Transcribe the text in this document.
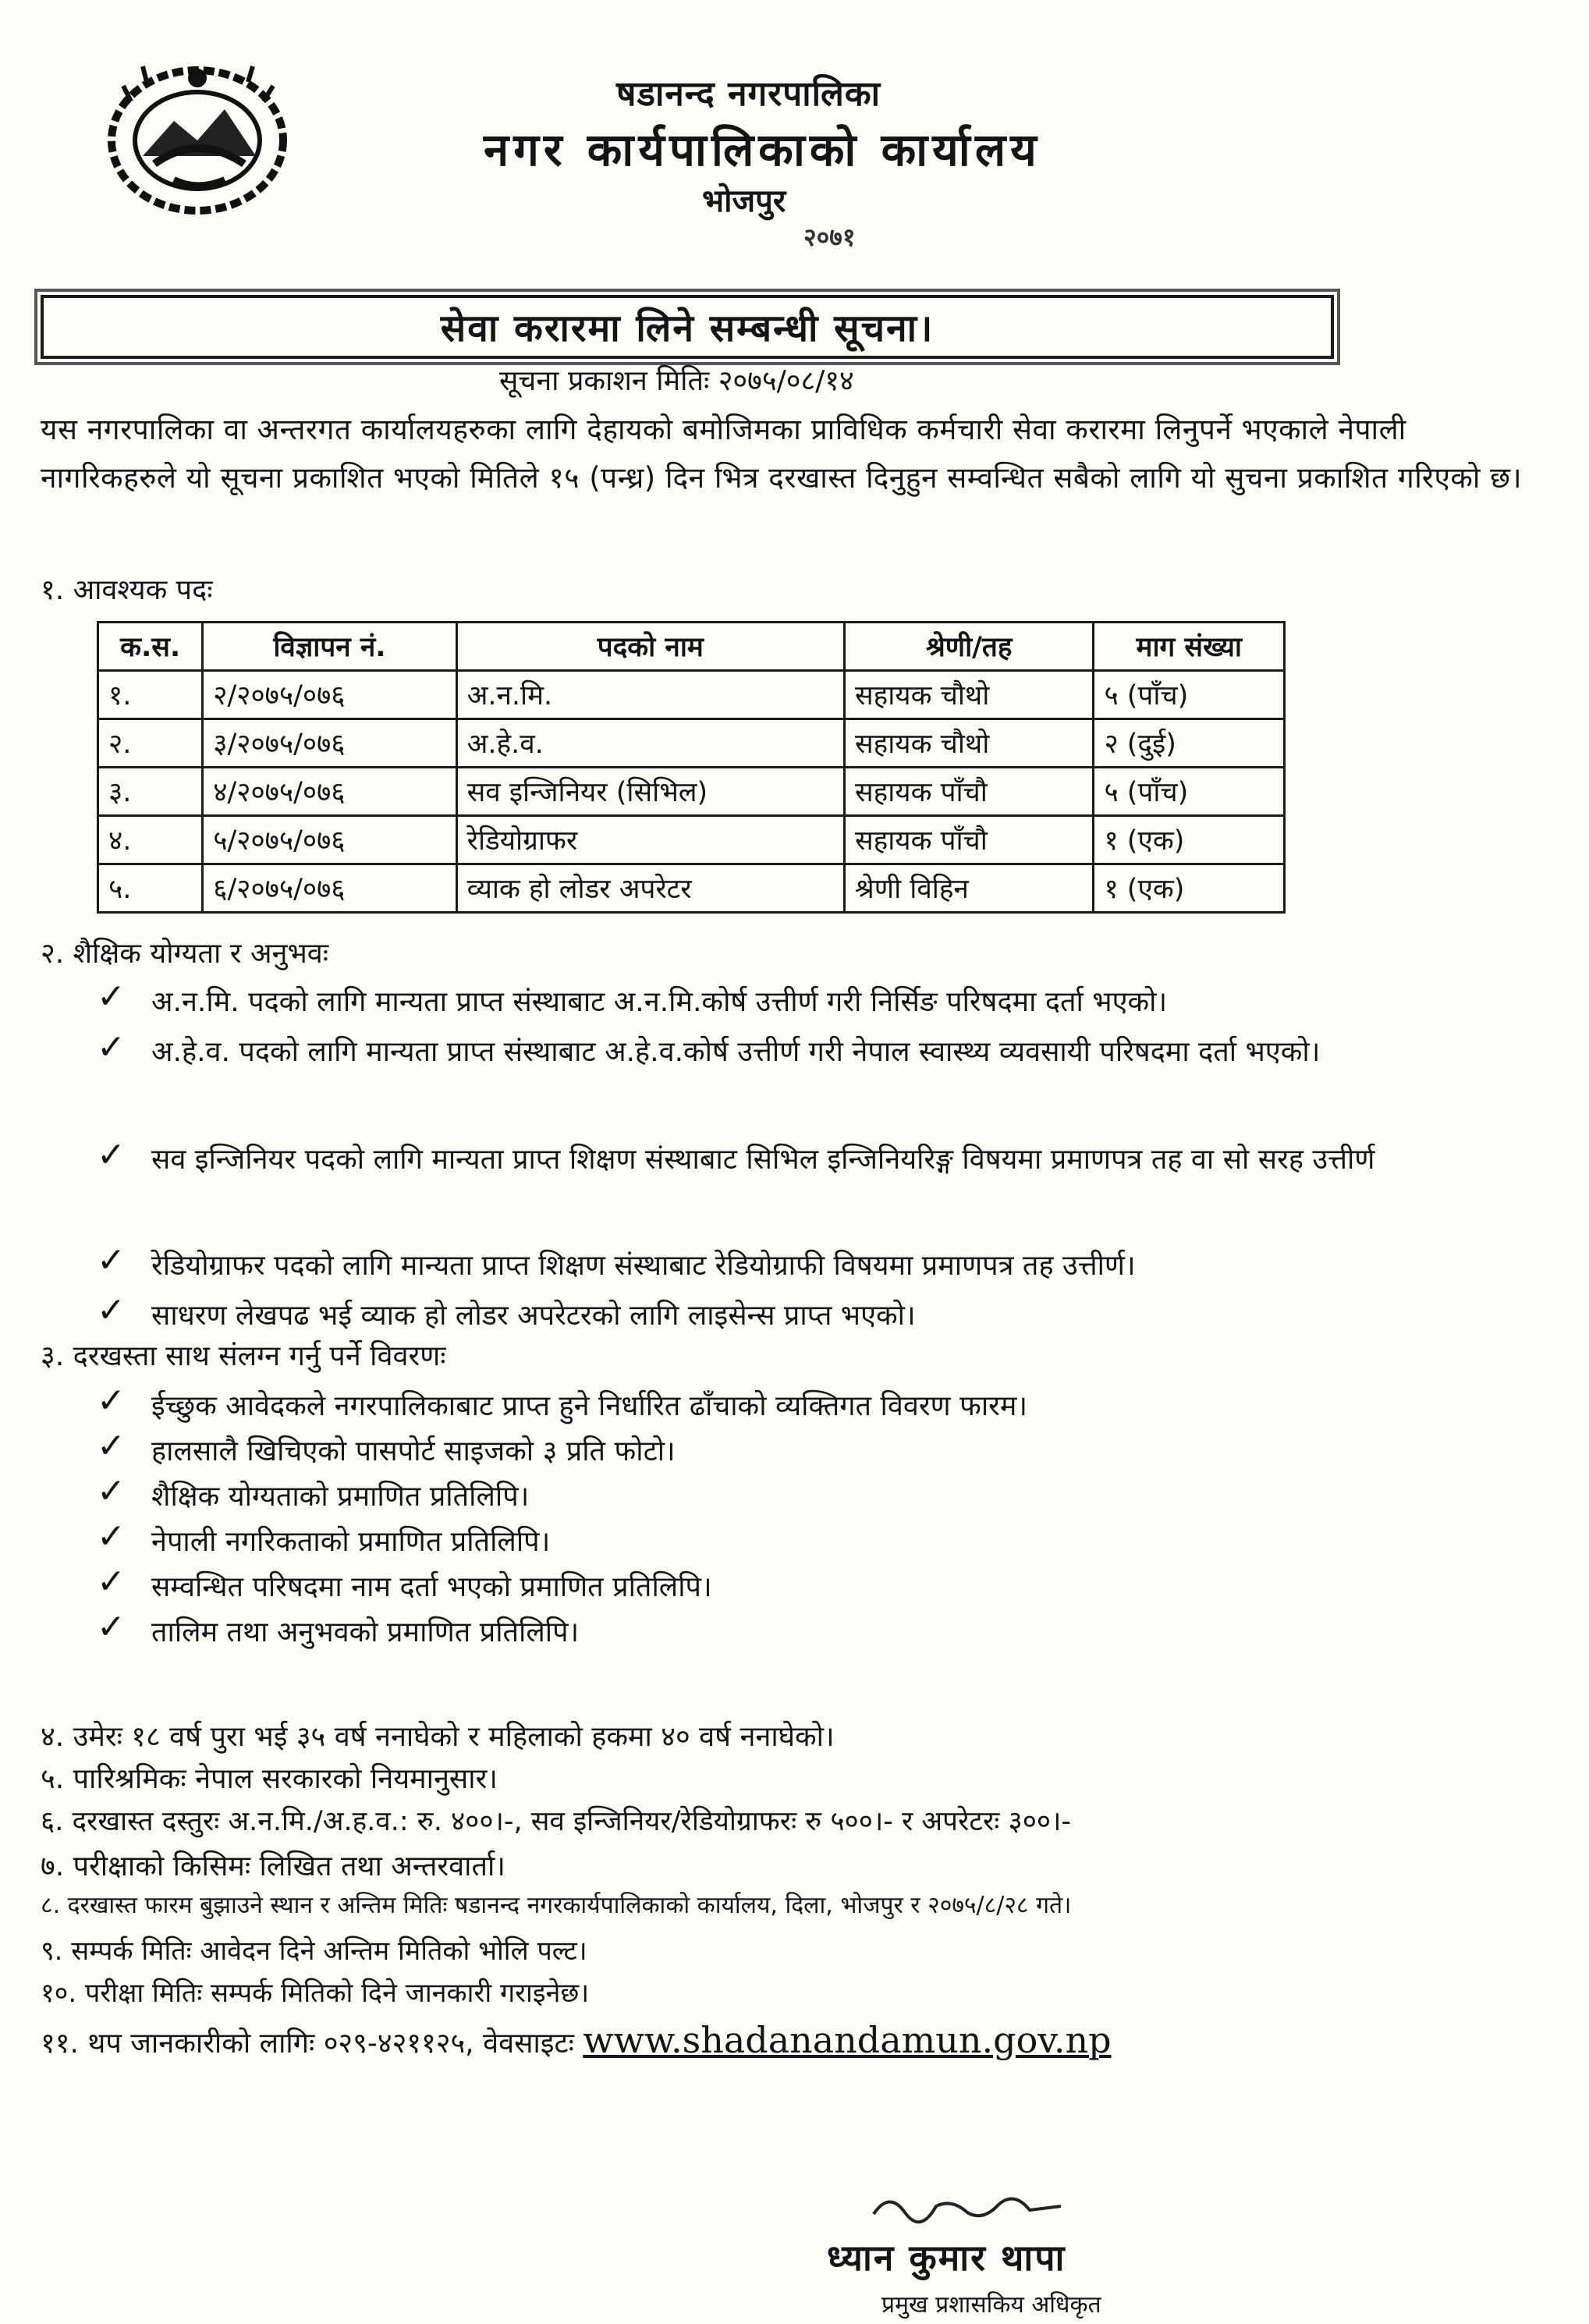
षडानन्द नगरपालिका
नगर कार्यपालिकाको कार्यालय
भोजपुर
२०७१
सेवा करारमा लिने सम्बन्धी सूचना।
सूचना प्रकाशन मितिः २०७५/०८/१४
यस नगरपालिका वा अन्तरगत कार्यालयहरुका लागि देहायको बमोजिमका प्राविधिक कर्मचारी सेवा करारमा लिनुपर्ने भएकाले नेपाली नागरिकहरुले यो सूचना प्रकाशित भएको मितिले १५ (पन्ध्र) दिन भित्र दरखास्त दिनुहुन सम्वन्धित सबैको लागि यो सुचना प्रकाशित गरिएको छ।
१. आवश्यक पदः
क.स.	विज्ञापन नं.	पदको नाम	श्रेणी/तह	माग संख्या
१.	२/२०७५/०७६	अ.न.मि.	सहायक चौथो	५ (पाँच)
२.	३/२०७५/०७६	अ.हे.व.	सहायक चौथो	२ (दुई)
३.	४/२०७५/०७६	सव इन्जिनियर (सिभिल)	सहायक पाँचौ	५ (पाँच)
४.	५/२०७५/०७६	रेडियोग्राफर	सहायक पाँचौ	१ (एक)
५.	६/२०७५/०७६	व्याक हो लोडर अपरेटर	श्रेणी विहिन	१ (एक)
२. शैक्षिक योग्यता र अनुभवः
✓ अ.न.मि. पदको लागि मान्यता प्राप्त संस्थाबाट अ.न.मि.कोर्ष उत्तीर्ण गरी निर्सिङ परिषदमा दर्ता भएको।
✓ अ.हे.व. पदको लागि मान्यता प्राप्त संस्थाबाट अ.हे.व.कोर्ष उत्तीर्ण गरी नेपाल स्वास्थ्य व्यवसायी परिषदमा दर्ता भएको।
✓ सव इन्जिनियर पदको लागि मान्यता प्राप्त शिक्षण संस्थाबाट सिभिल इन्जिनियरिङ्ग विषयमा प्रमाणपत्र तह वा सो सरह उत्तीर्ण
✓ रेडियोग्राफर पदको लागि मान्यता प्राप्त शिक्षण संस्थाबाट रेडियोग्राफी विषयमा प्रमाणपत्र तह उत्तीर्ण।
✓ साधरण लेखपढ भई व्याक हो लोडर अपरेटरको लागि लाइसेन्स प्राप्त भएको।
३. दरखस्ता साथ संलग्न गर्नु पर्ने विवरणः
✓ ईच्छुक आवेदकले नगरपालिकाबाट प्राप्त हुने निर्धारित ढाँचाको व्यक्तिगत विवरण फारम।
✓ हालसालै खिचिएको पासपोर्ट साइजको ३ प्रति फोटो।
✓ शैक्षिक योग्यताको प्रमाणित प्रतिलिपि।
✓ नेपाली नगरिकताको प्रमाणित प्रतिलिपि।
✓ सम्वन्धित परिषदमा नाम दर्ता भएको प्रमाणित प्रतिलिपि।
✓ तालिम तथा अनुभवको प्रमाणित प्रतिलिपि।
४. उमेरः १८ वर्ष पुरा भई ३५ वर्ष ननाघेको र महिलाको हकमा ४० वर्ष ननाघेको।
५. पारिश्रमिकः नेपाल सरकारको नियमानुसार।
६. दरखास्त दस्तुरः अ.न.मि./अ.ह.व.: रु. ४००।-, सव इन्जिनियर/रेडियोग्राफरः रु ५००।- र अपरेटरः ३००।-
७. परीक्षाको किसिमः लिखित तथा अन्तरवार्ता।
८. दरखास्त फारम बुझाउने स्थान र अन्तिम मितिः षडानन्द नगरकार्यपालिकाको कार्यालय, दिला, भोजपुर र २०७५/८/२८ गते।
९. सम्पर्क मितिः आवेदन दिने अन्तिम मितिको भोलि पल्ट।
१०. परीक्षा मितिः सम्पर्क मितिको दिने जानकारी गराइनेछ।
११. थप जानकारीको लागिः ०२९-४२११२५, वेवसाइटः www.shadanandamun.gov.np
ध्यान कुमार थापा
प्रमुख प्रशासकिय अधिकृत
